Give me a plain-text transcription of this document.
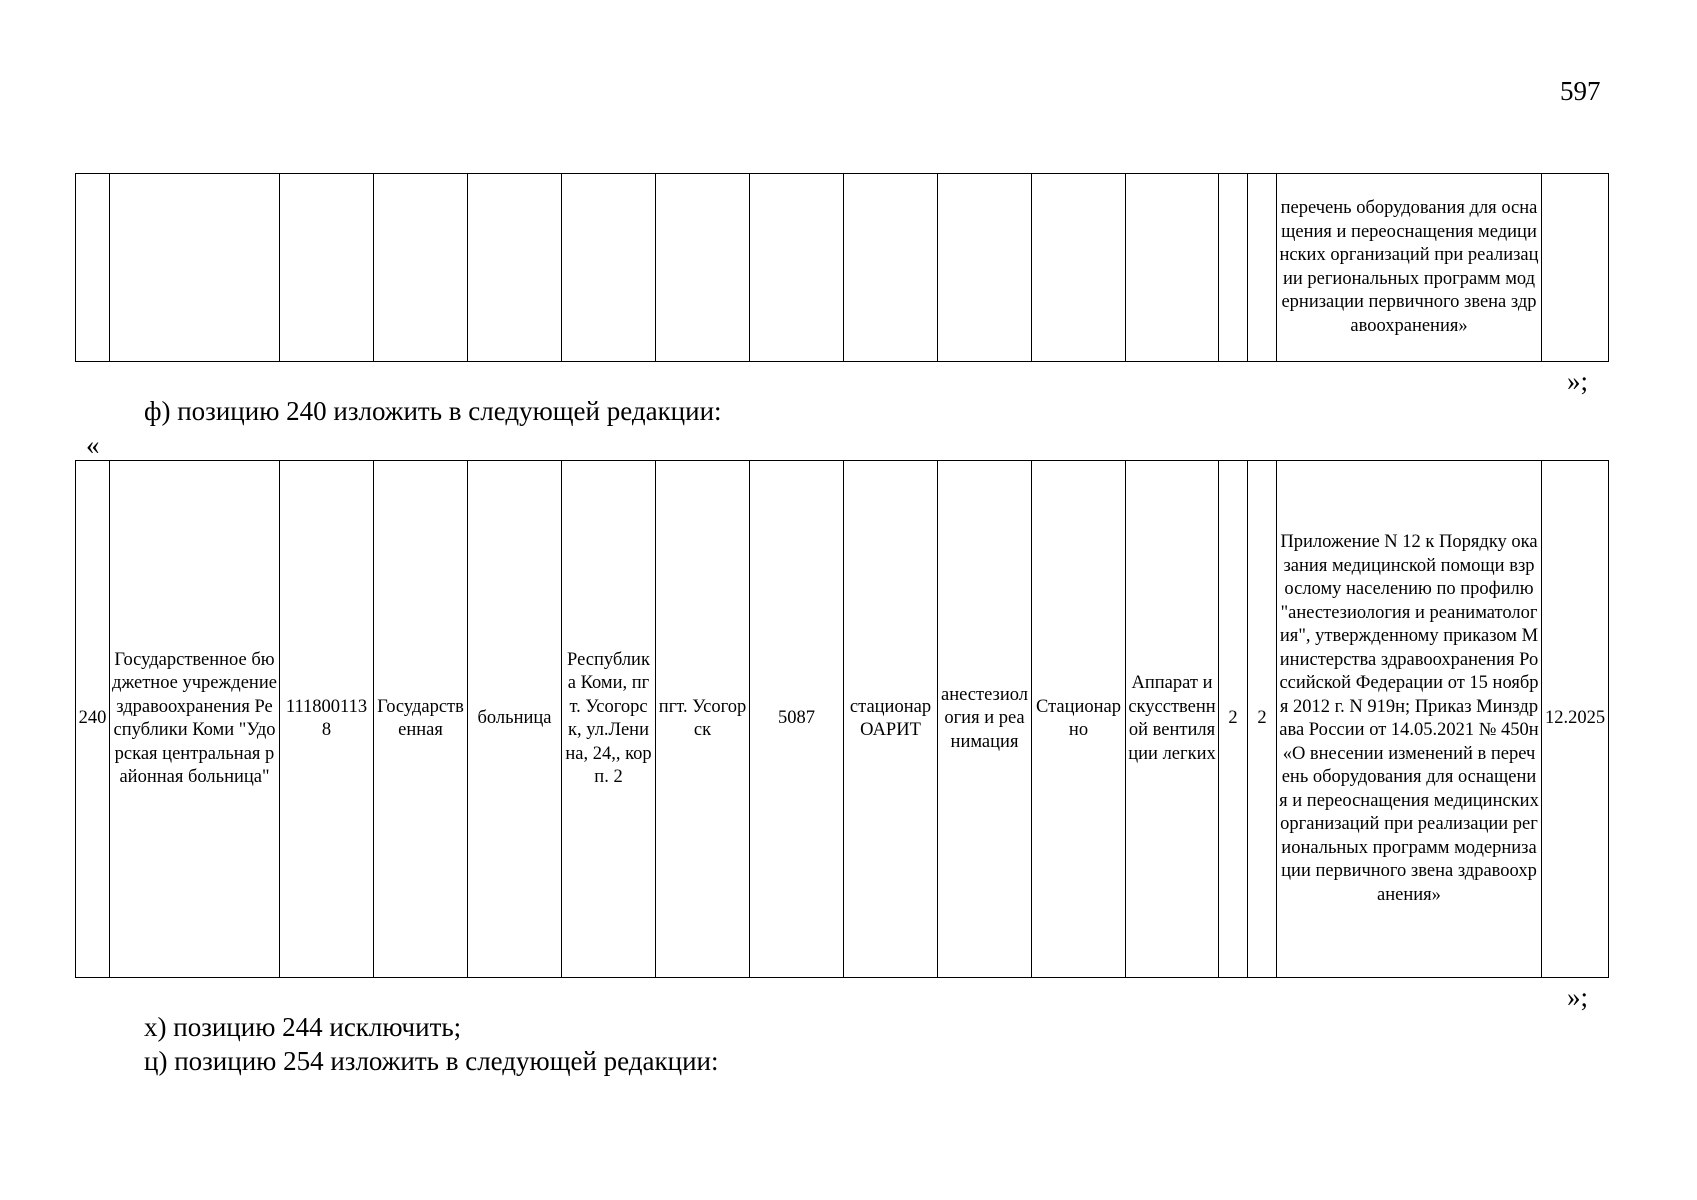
597
														перечень оборудования для оснащения и переоснащения медицинских организаций при реализации региональных программ модернизации первичного звена здравоохранения»	
»;
ф) позицию 240 изложить в следующей редакции:
«
240	Государственное бюджетное учреждение здравоохранения Республики Коми "Удорская центральная районная больница"	1118001138	Государственная	больница	Республика Коми, пгт. Усогорск, ул.Ленина, 24,, корп. 2	пгт. Усогорск	5087	стационар ОАРИТ	анестезиология и реанимация	Стационарно	Аппарат искусственной вентиляции легких	2	2	Приложение N 12 к Порядку оказания медицинской помощи взрослому населению по профилю "анестезиология и реаниматология", утвержденному приказом Министерства здравоохранения Российской Федерации от 15 ноября 2012 г. N 919н; Приказ Минздрава России от 14.05.2021 № 450н «О внесении изменений в перечень оборудования для оснащения и переоснащения медицинских организаций при реализации региональных программ модернизации первичного звена здравоохранения»	12.2025
»;
х) позицию 244 исключить;
ц) позицию 254 изложить в следующей редакции:
